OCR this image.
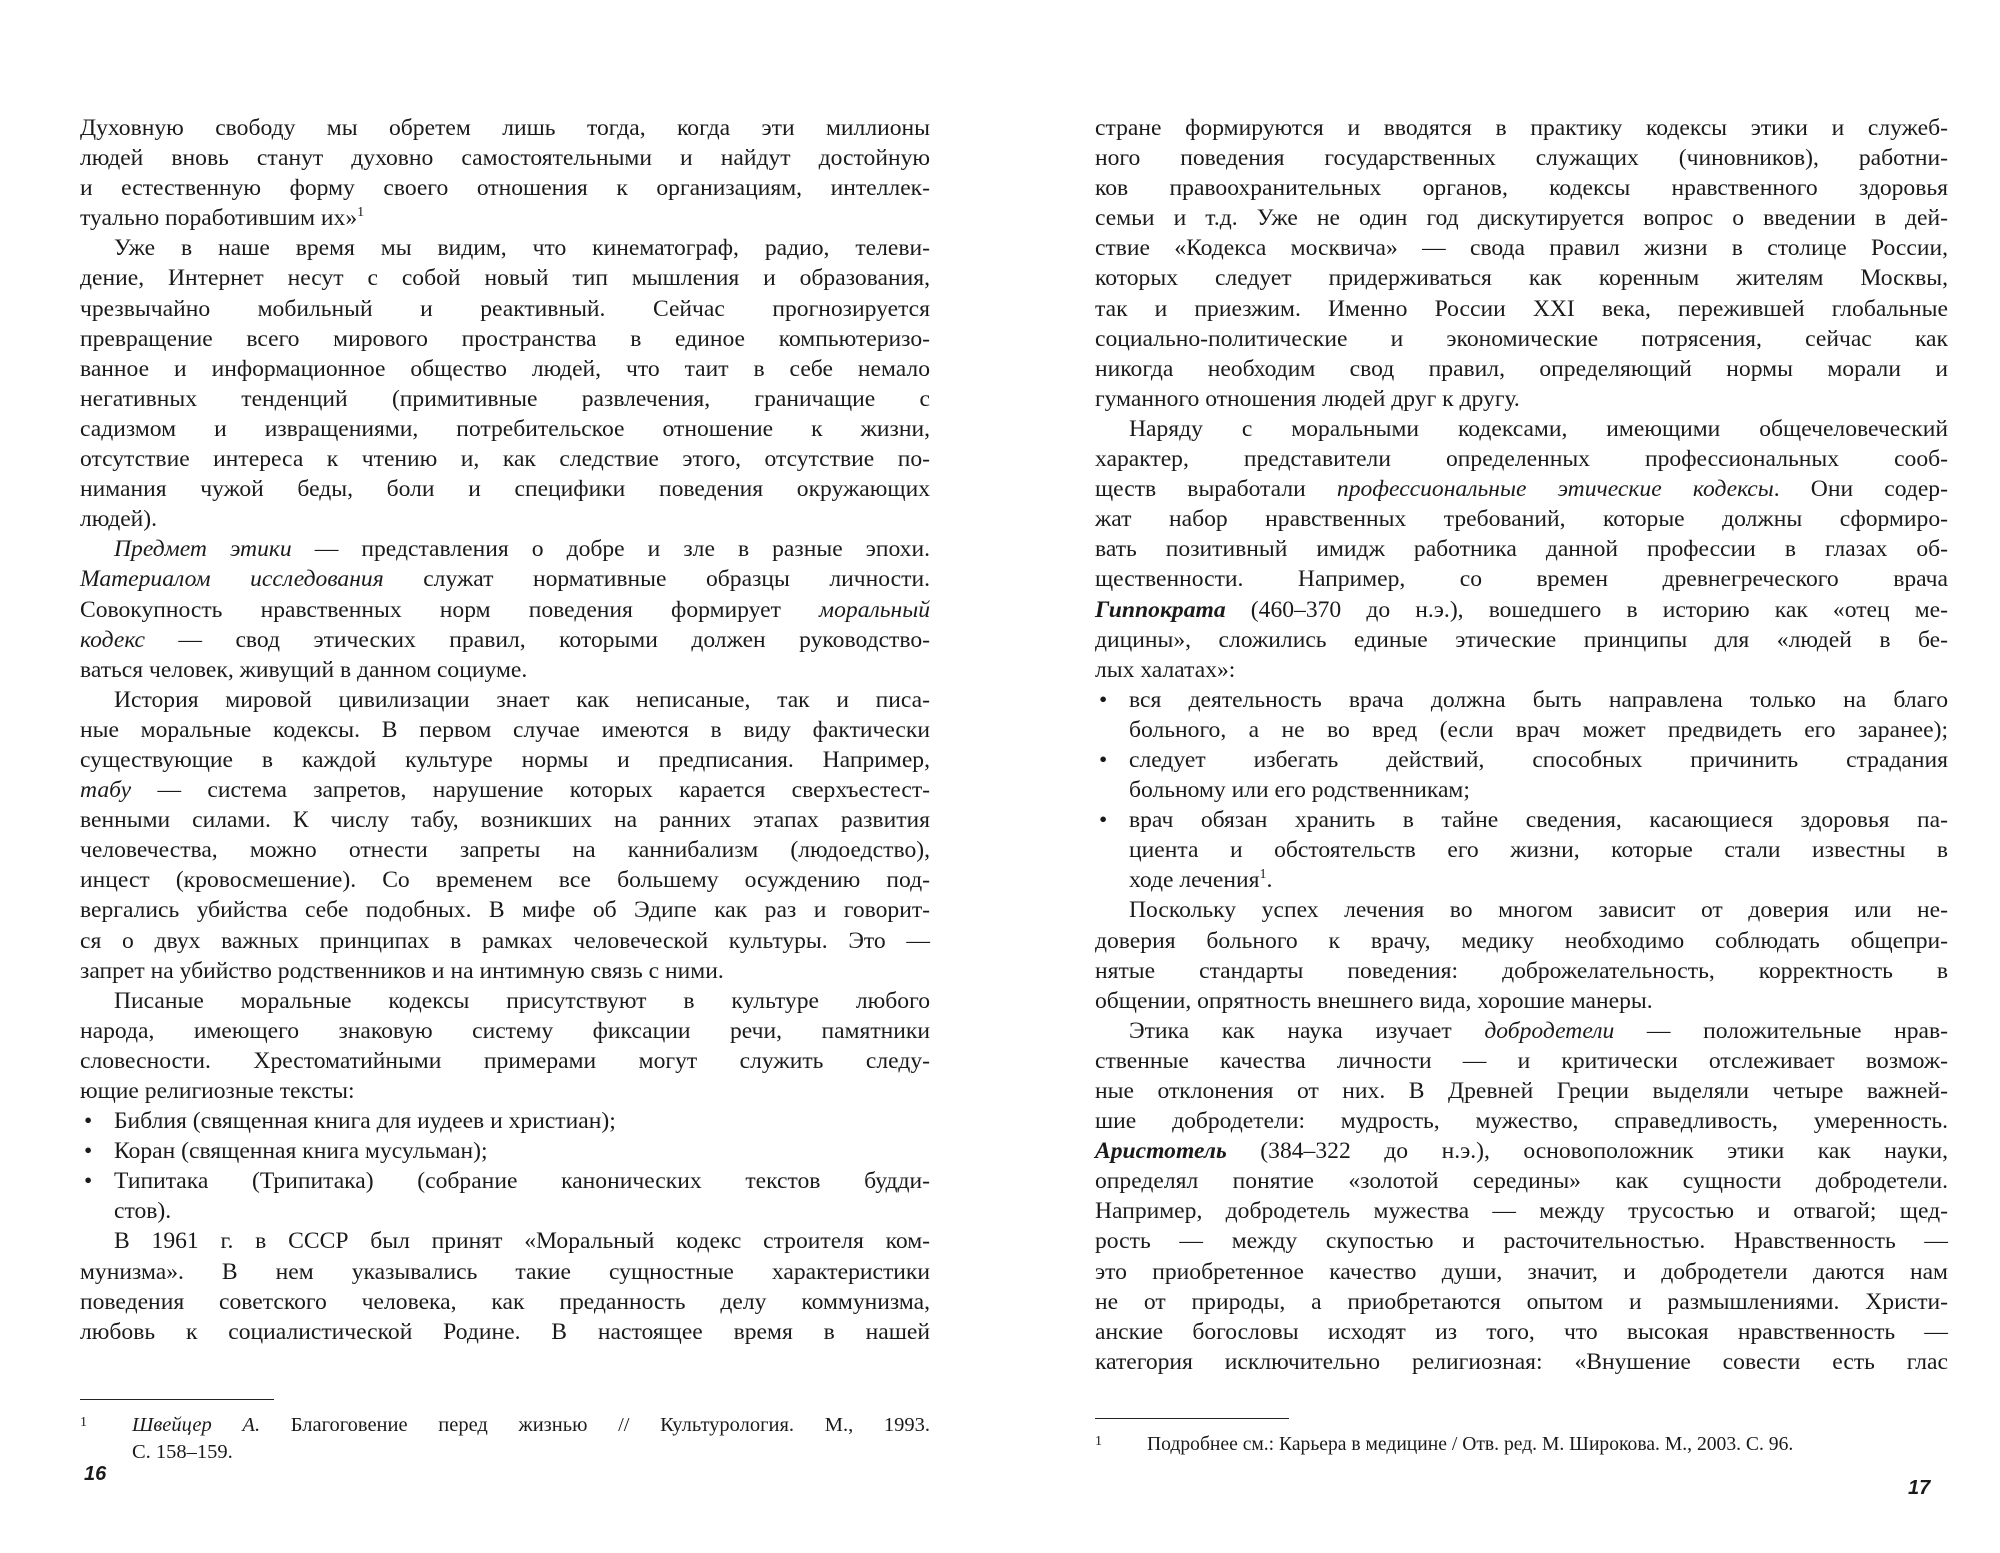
Духовную свободу мы обретем лишь тогда, когда эти миллионы
людей вновь станут духовно самостоятельными и найдут достойную
и естественную форму своего отношения к организациям, интеллек-
туально поработившим их»$^1$
Уже в наше время мы видим, что кинематограф, радио, телеви-
дение, Интернет несут с собой новый тип мышления и образования,
чрезвычайно мобильный и реактивный. Сейчас прогнозируется
превращение всего мирового пространства в единое компьютеризо-
ванное и информационное общество людей, что таит в себе немало
негативных тенденций (примитивные развлечения, граничащие с
садизмом и извращениями, потребительское отношение к жизни,
отсутствие интереса к чтению и, как следствие этого, отсутствие по-
нимания чужой беды, боли и специфики поведения окружающих
людей).
Предмет этики — представления о добре и зле в разные эпохи.
Материалом исследования служат нормативные образцы личности.
Совокупность нравственных норм поведения формирует моральный
кодекс — свод этических правил, которыми должен руководство-
ваться человек, живущий в данном социуме.
История мировой цивилизации знает как неписаные, так и писа-
ные моральные кодексы. В первом случае имеются в виду фактически
существующие в каждой культуре нормы и предписания. Например,
табу — система запретов, нарушение которых карается сверхъестест-
венными силами. К числу табу, возникших на ранних этапах развития
человечества, можно отнести запреты на каннибализм (людоедство),
инцест (кровосмешение). Со временем все большему осуждению под-
вергались убийства себе подобных. В мифе об Эдипе как раз и говорит-
ся о двух важных принципах в рамках человеческой культуры. Это —
запрет на убийство родственников и на интимную связь с ними.
Писаные моральные кодексы присутствуют в культуре любого
народа, имеющего знаковую систему фиксации речи, памятники
словесности. Хрестоматийными примерами могут служить следу-
ющие религиозные тексты:
• Библия (священная книга для иудеев и христиан);
• Коран (священная книга мусульман);
• Типитака (Трипитака) (собрание канонических текстов будди-
стов).
В 1961 г. в СССР был принят «Моральный кодекс строителя ком-
мунизма». В нем указывались такие сущностные характеристики
поведения советского человека, как преданность делу коммунизма,
любовь к социалистической Родине. В настоящее время в нашей
1 Швейцер А. Благоговение перед жизнью // Культурология. М., 1993.
С. 158–159.
16
стране формируются и вводятся в практику кодексы этики и служеб-
ного поведения государственных служащих (чиновников), работни-
ков правоохранительных органов, кодексы нравственного здоровья
семьи и т.д. Уже не один год дискутируется вопрос о введении в дей-
ствие «Кодекса москвича» — свода правил жизни в столице России,
которых следует придерживаться как коренным жителям Москвы,
так и приезжим. Именно России XXI века, пережившей глобальные
социально-политические и экономические потрясения, сейчас как
никогда необходим свод правил, определяющий нормы морали и
гуманного отношения людей друг к другу.
Наряду с моральными кодексами, имеющими общечеловеческий
характер, представители определенных профессиональных сооб-
ществ выработали профессиональные этические кодексы. Они содер-
жат набор нравственных требований, которые должны сформиро-
вать позитивный имидж работника данной профессии в глазах об-
щественности. Например, со времен древнегреческого врача
Гиппократа (460–370 до н.э.), вошедшего в историю как «отец ме-
дицины», сложились единые этические принципы для «людей в бе-
лых халатах»:
• вся деятельность врача должна быть направлена только на благо
больного, а не во вред (если врач может предвидеть его заранее);
• следует избегать действий, способных причинить страдания
больному или его родственникам;
• врач обязан хранить в тайне сведения, касающиеся здоровья па-
циента и обстоятельств его жизни, которые стали известны в
ходе лечения$^1$.
Поскольку успех лечения во многом зависит от доверия или не-
доверия больного к врачу, медику необходимо соблюдать общепри-
нятые стандарты поведения: доброжелательность, корректность в
общении, опрятность внешнего вида, хорошие манеры.
Этика как наука изучает добродетели — положительные нрав-
ственные качества личности — и критически отслеживает возмож-
ные отклонения от них. В Древней Греции выделяли четыре важней-
шие добродетели: мудрость, мужество, справедливость, умеренность.
Аристотель (384–322 до н.э.), основоположник этики как науки,
определял понятие «золотой середины» как сущности добродетели.
Например, добродетель мужества — между трусостью и отвагой; щед-
рость — между скупостью и расточительностью. Нравственность —
это приобретенное качество души, значит, и добродетели даются нам
не от природы, а приобретаются опытом и размышлениями. Христи-
анские богословы исходят из того, что высокая нравственность —
категория исключительно религиозная: «Внушение совести есть глас
1	Подробнее см.: Карьера в медицине / Отв. ред. М. Широкова. М., 2003. С. 96.
17
